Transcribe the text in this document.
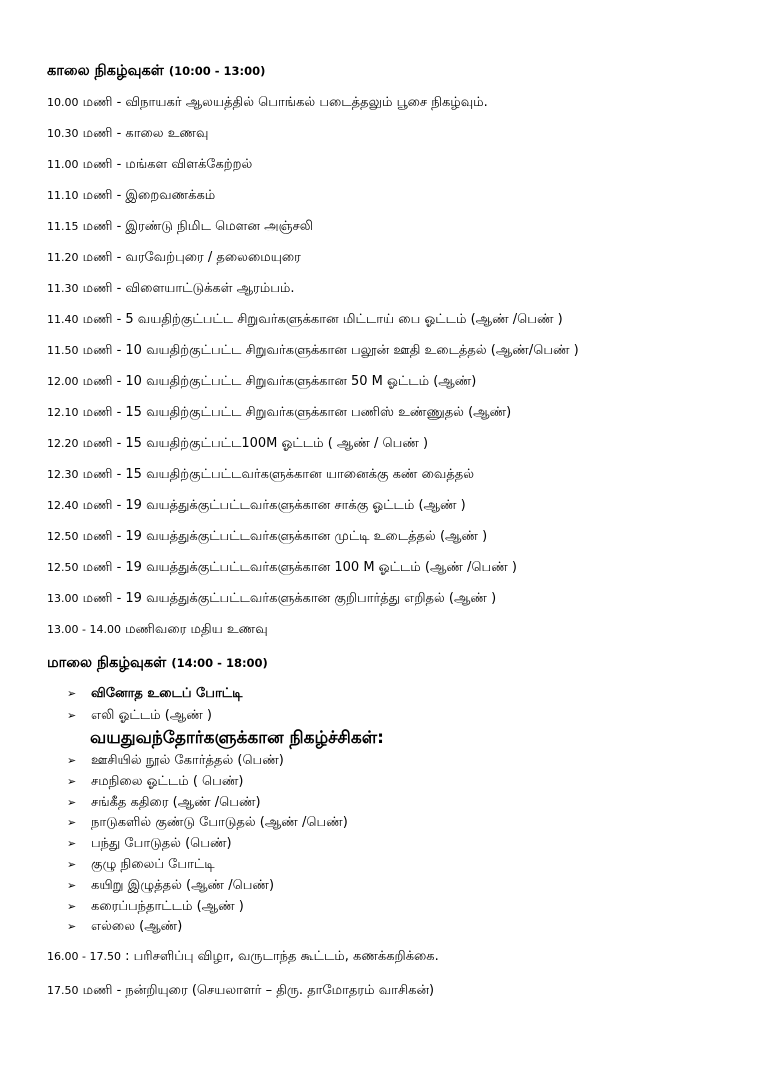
காலை நிகழ்வுகள் (10:00 - 13:00)
10.00 மணி - விநாயகர் ஆலயத்தில் பொங்கல் படைத்தலும் பூசை நிகழ்வும்.
10.30 மணி - காலை உணவு
11.00 மணி - மங்கள விளக்கேற்றல்
11.10 மணி - இறைவணக்கம்
11.15 மணி - இரண்டு நிமிட மௌன அஞ்சலி
11.20 மணி - வரவேற்புரை / தலைமையுரை
11.30 மணி - விளையாட்டுக்கள் ஆரம்பம்.
11.40 மணி - 5 வயதிற்குட்பட்ட சிறுவர்களுக்கான மிட்டாய் பை ஓட்டம் (ஆண் /பெண் )
11.50 மணி - 10 வயதிற்குட்பட்ட சிறுவர்களுக்கான பலூன் ஊதி உடைத்தல் (ஆண்/பெண் )
12.00 மணி - 10 வயதிற்குட்பட்ட சிறுவர்களுக்கான 50 M ஓட்டம் (ஆண்)
12.10 மணி - 15 வயதிற்குட்பட்ட சிறுவர்களுக்கான பணிஸ் உண்ணுதல் (ஆண்)
12.20 மணி - 15 வயதிற்குட்பட்ட100M ஓட்டம் ( ஆண் / பெண் )
12.30 மணி - 15 வயதிற்குட்பட்டவர்களுக்கான யானைக்கு கண் வைத்தல்
12.40 மணி - 19 வயத்துக்குட்பட்டவர்களுக்கான சாக்கு ஓட்டம் (ஆண் )
12.50 மணி - 19 வயத்துக்குட்பட்டவர்களுக்கான முட்டி உடைத்தல் (ஆண் )
12.50 மணி - 19 வயத்துக்குட்பட்டவர்களுக்கான 100 M ஓட்டம் (ஆண் /பெண் )
13.00 மணி - 19 வயத்துக்குட்பட்டவர்களுக்கான குறிபார்த்து எறிதல் (ஆண் )
13.00 - 14.00 மணிவரை மதிய உணவு
மாலை நிகழ்வுகள் (14:00 - 18:00)
➢ வினோத உடைப் போட்டி
➢ எலி ஓட்டம் (ஆண் )
வயதுவந்தோர்களுக்கான நிகழ்ச்சிகள்:
➢ ஊசியில் நூல் கோர்த்தல் (பெண்)
➢ சமநிலை ஓட்டம் ( பெண்)
➢ சங்கீத கதிரை (ஆண் /பெண்)
➢ நாடுகளில் குண்டு போடுதல் (ஆண் /பெண்)
➢ பந்து போடுதல் (பெண்)
➢ குழு நிலைப் போட்டி
➢ கயிறு இழுத்தல் (ஆண் /பெண்)
➢ கரைப்பந்தாட்டம் (ஆண் )
➢ எல்லை (ஆண்)
16.00 - 17.50 : பரிசளிப்பு விழா, வருடாந்த கூட்டம், கணக்கறிக்கை.
17.50 மணி - நன்றியுரை (செயலாளர் – திரு. தாமோதரம் வாசிகன்)
